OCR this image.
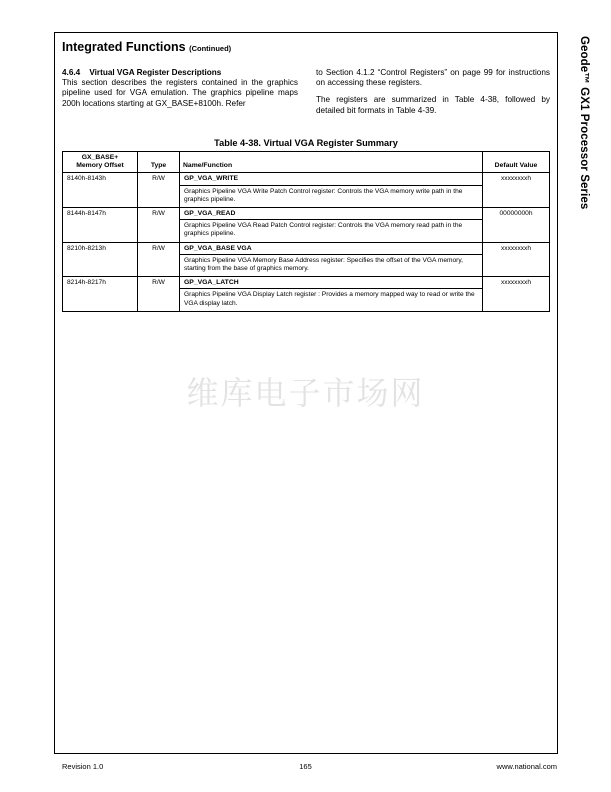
Geode™ GX1 Processor Series
Integrated Functions (Continued)

4.6.4 Virtual VGA Register Descriptions

This section describes the registers contained in the graphics pipeline used for VGA emulation. The graphics pipeline maps 200h locations starting at GX_BASE+8100h. Refer

to Section 4.1.2 “Control Registers” on page 99 for instructions on accessing these registers.

The registers are summarized in Table 4-38, followed by detailed bit formats in Table 4-39.

Table 4-38. Virtual VGA Register Summary
GX_BASE+
Memory Offset	Type	Name/Function	Default Value
8140h-8143h	R/W	GP_VGA_WRITE
Graphics Pipeline VGA Write Patch Control register: Controls the VGA memory write path in the graphics pipeline.	xxxxxxxxh
8144h-8147h	R/W	GP_VGA_READ
Graphics Pipeline VGA Read Patch Control register: Controls the VGA memory read path in the graphics pipeline.	00000000h
8210h-8213h	R/W	GP_VGA_BASE VGA
Graphics Pipeline VGA Memory Base Address register: Specifies the offset of the VGA memory, starting from the base of graphics memory.	xxxxxxxxh
8214h-8217h	R/W	GP_VGA_LATCH
Graphics Pipeline VGA Display Latch register : Provides a memory mapped way to read or write the VGA display latch.	xxxxxxxxh
维库电子市场网
Revision 1.0	165	www.national.com
